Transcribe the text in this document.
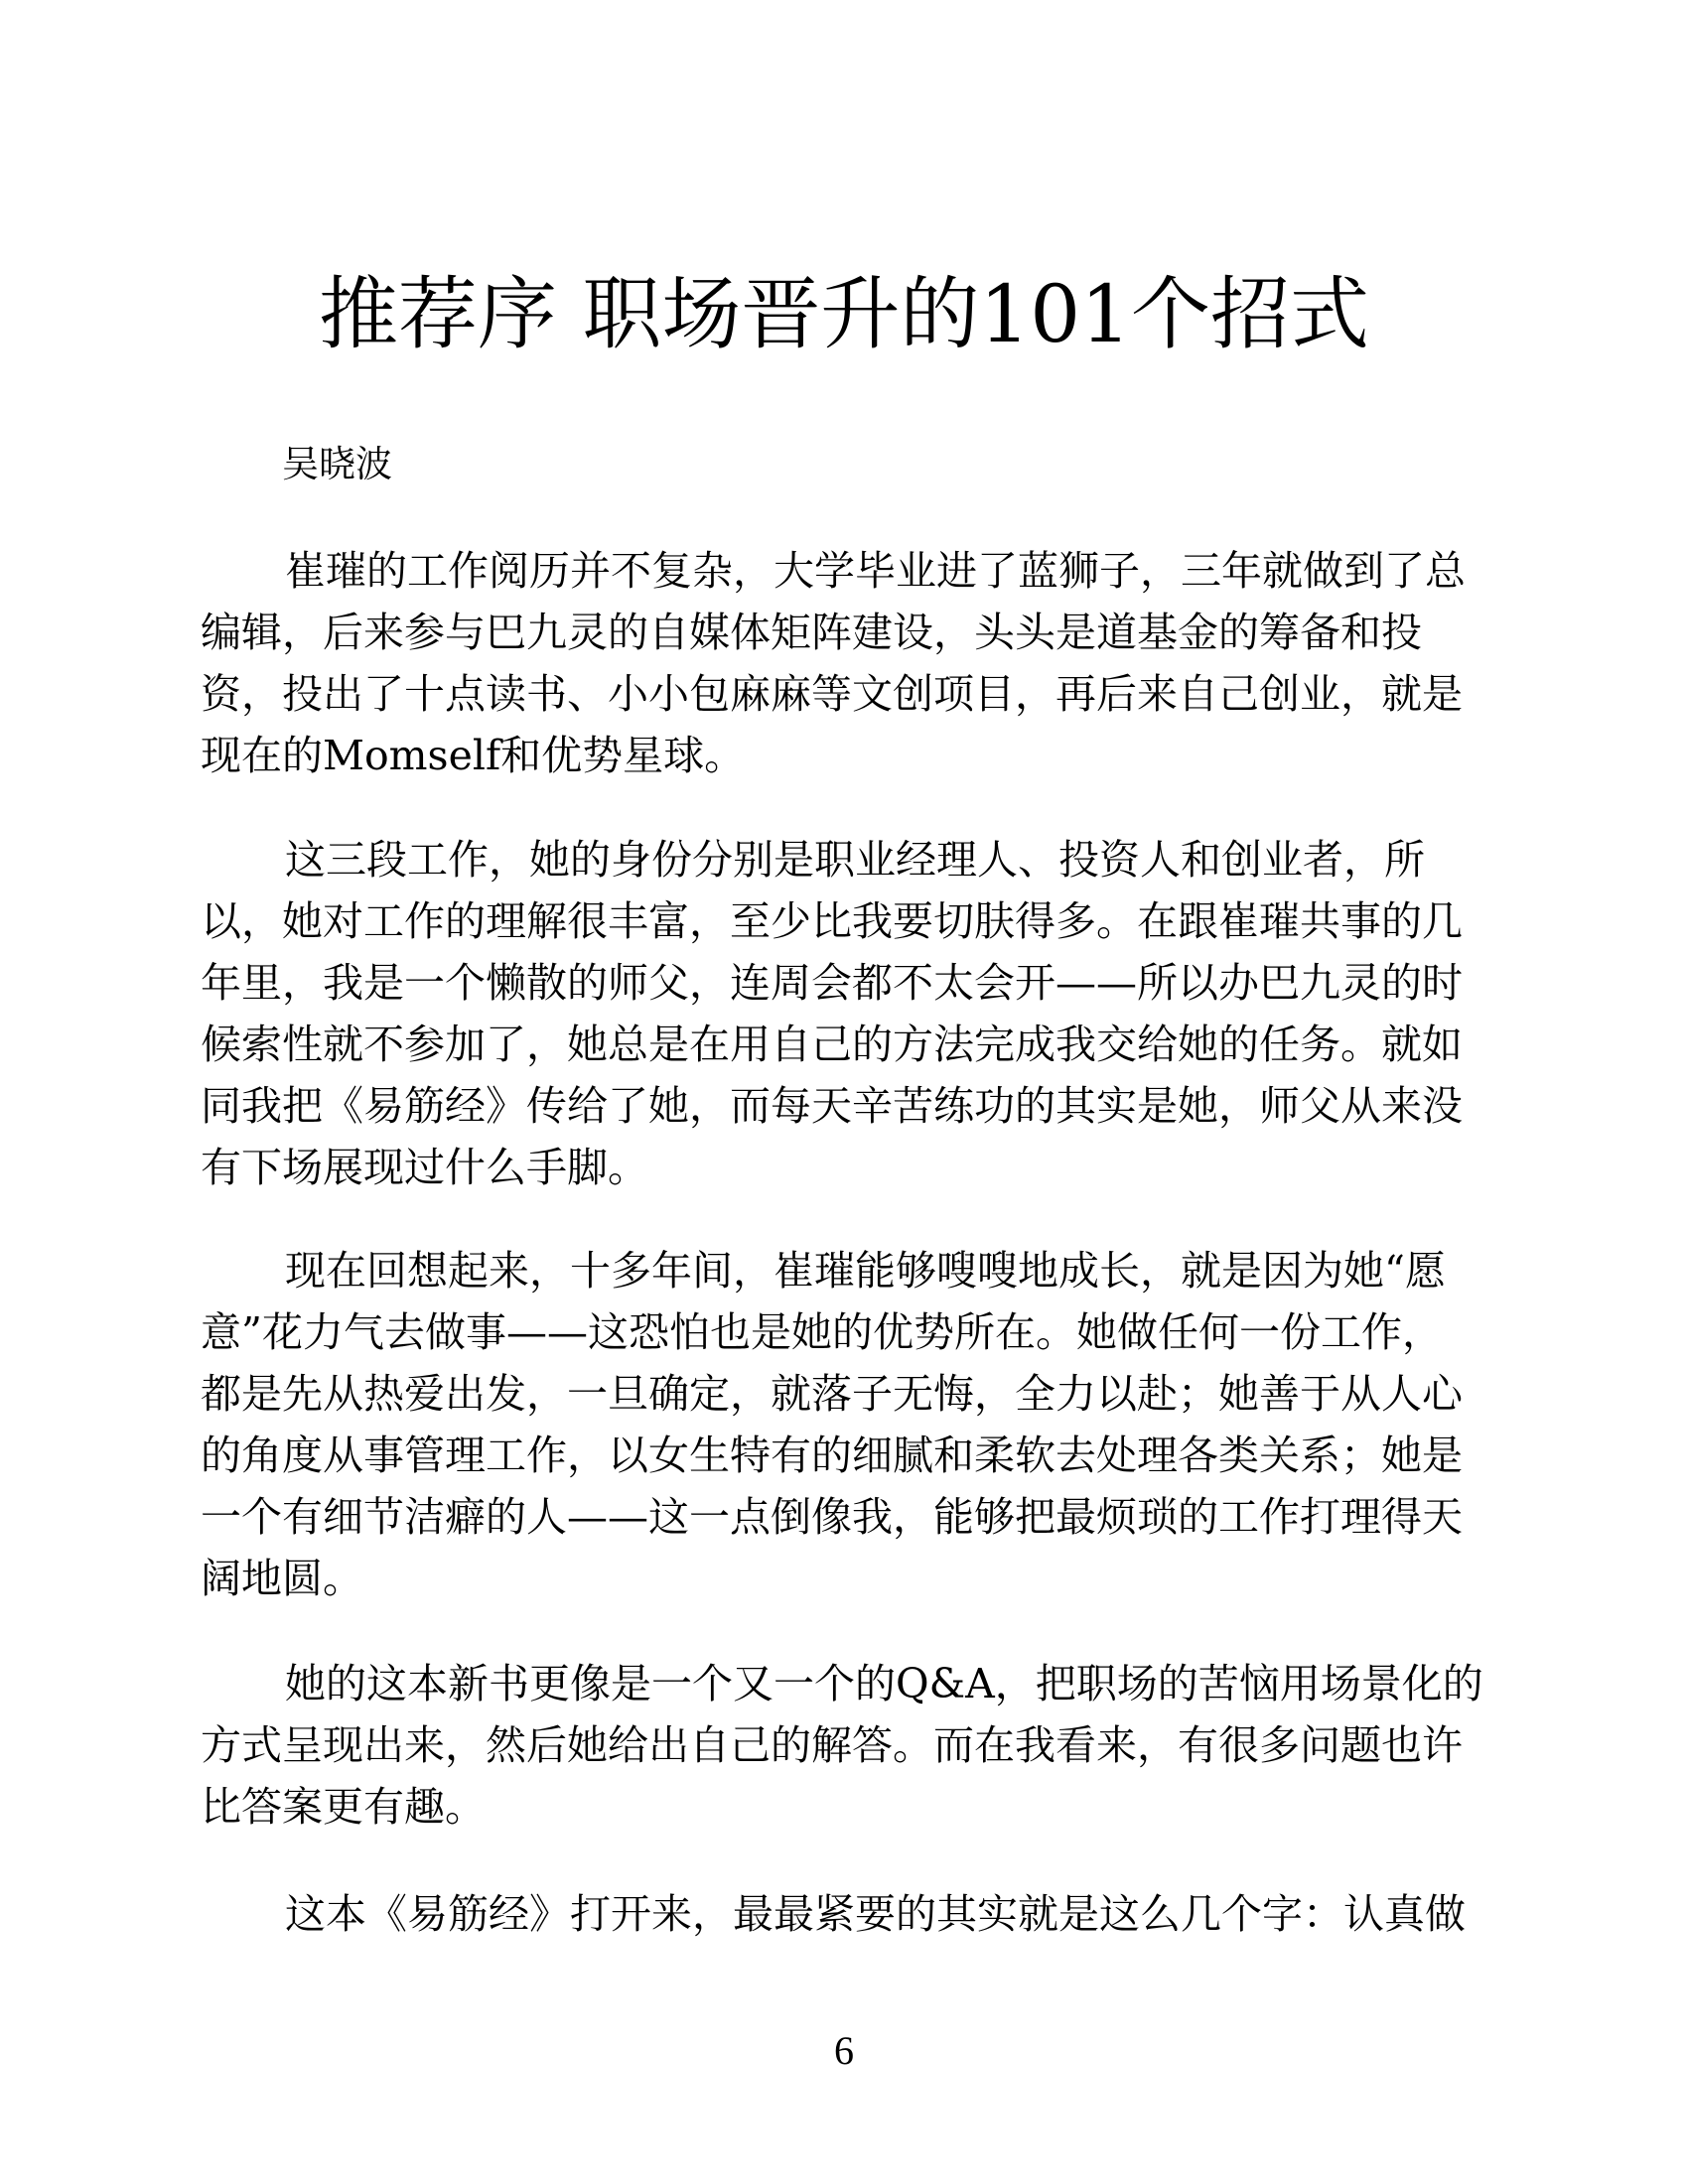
推荐序 职场晋升的101个招式
吴晓波

崔璀的工作阅历并不复杂，大学毕业进了蓝狮子，三年就做到了总
编辑，后来参与巴九灵的自媒体矩阵建设，头头是道基金的筹备和投
资，投出了十点读书、小小包麻麻等文创项目，再后来自己创业，就是
现在的Momself和优势星球。

这三段工作，她的身份分别是职业经理人、投资人和创业者，所
以，她对工作的理解很丰富，至少比我要切肤得多。在跟崔璀共事的几
年里，我是一个懒散的师父，连周会都不太会开——所以办巴九灵的时
候索性就不参加了，她总是在用自己的方法完成我交给她的任务。就如
同我把《易筋经》传给了她，而每天辛苦练功的其实是她，师父从来没
有下场展现过什么手脚。

现在回想起来，十多年间，崔璀能够嗖嗖地成长，就是因为她“愿
意”花力气去做事——这恐怕也是她的优势所在。她做任何一份工作，
都是先从热爱出发，一旦确定，就落子无悔，全力以赴；她善于从人心
的角度从事管理工作，以女生特有的细腻和柔软去处理各类关系；她是
一个有细节洁癖的人——这一点倒像我，能够把最烦琐的工作打理得天
阔地圆。

她的这本新书更像是一个又一个的Q&A，把职场的苦恼用场景化的
方式呈现出来，然后她给出自己的解答。而在我看来，有很多问题也许
比答案更有趣。

这本《易筋经》打开来，最最紧要的其实就是这么几个字：认真做

6
